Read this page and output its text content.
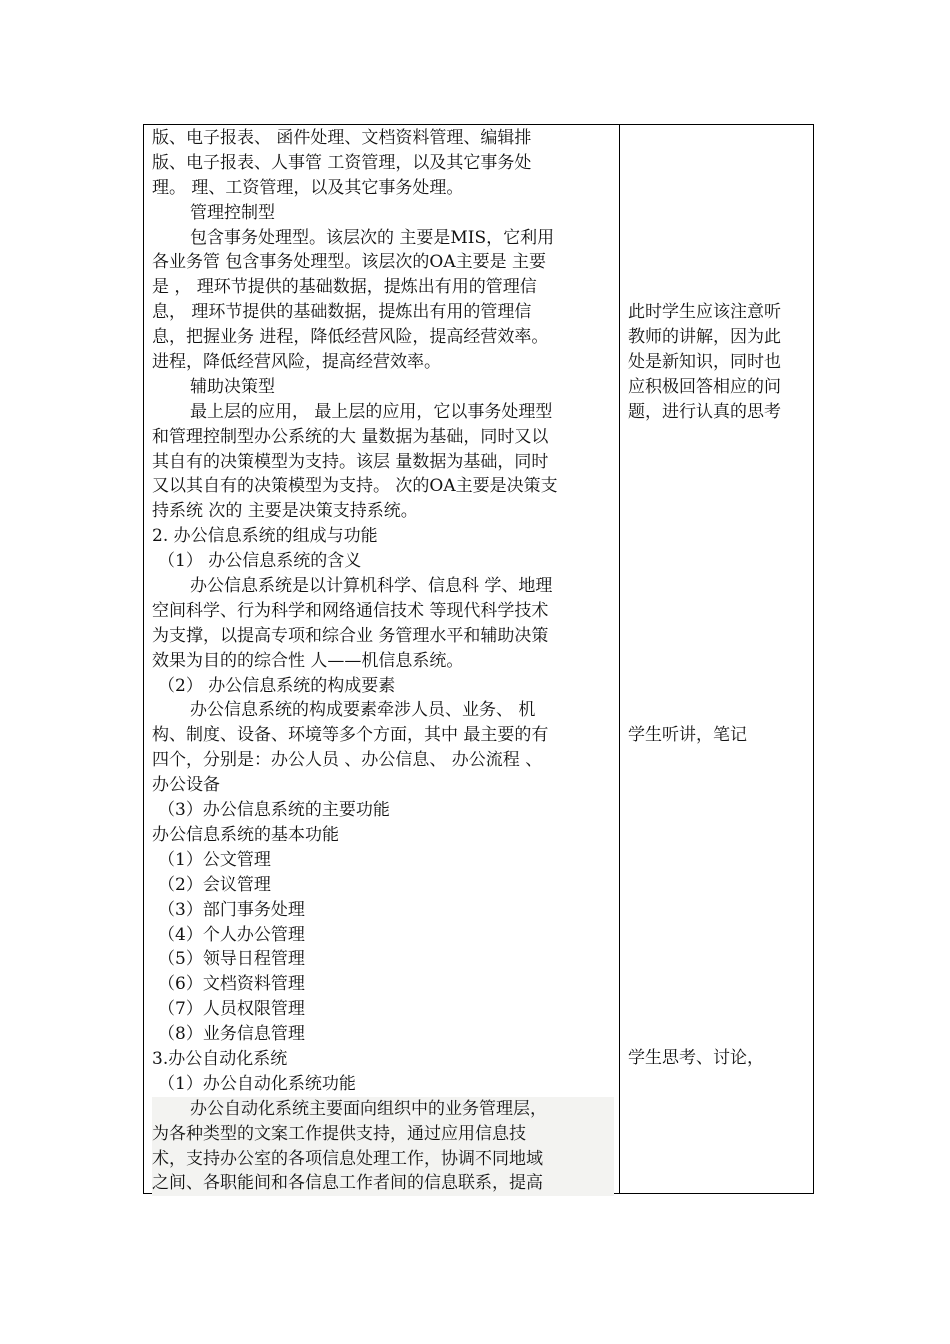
版、电子报表、 函件处理、文档资料管理、编辑排
版、电子报表、人事管 工资管理，以及其它事务处
理。 理、工资管理，以及其它事务处理。
管理控制型
包含事务处理型。该层次的 主要是MIS，它利用
各业务管 包含事务处理型。该层次的OA主要是 主要
是 ， 理环节提供的基础数据，提炼出有用的管理信
息， 理环节提供的基础数据，提炼出有用的管理信
息，把握业务 进程，降低经营风险，提高经营效率。
进程，降低经营风险，提高经营效率。
辅助决策型
最上层的应用， 最上层的应用，它以事务处理型
和管理控制型办公系统的大 量数据为基础，同时又以
其自有的决策模型为支持。该层 量数据为基础，同时
又以其自有的决策模型为支持。 次的OA主要是决策支
持系统 次的 主要是决策支持系统。
2. 办公信息系统的组成与功能
（1） 办公信息系统的含义
办公信息系统是以计算机科学、信息科 学、地理
空间科学、行为科学和网络通信技术 等现代科学技术
为支撑，以提高专项和综合业 务管理水平和辅助决策
效果为目的的综合性 人——机信息系统。
（2） 办公信息系统的构成要素
办公信息系统的构成要素牵涉人员、业务、 机
构、制度、设备、环境等多个方面，其中 最主要的有
四个，分别是：办公人员 、办公信息、 办公流程 、
办公设备
（3）办公信息系统的主要功能
办公信息系统的基本功能
（1）公文管理
（2）会议管理
（3）部门事务处理
（4）个人办公管理
（5）领导日程管理
（6）文档资料管理
（7）人员权限管理
（8）业务信息管理
3.办公自动化系统
（1）办公自动化系统功能
办公自动化系统主要面向组织中的业务管理层，
为各种类型的文案工作提供支持，通过应用信息技
术，支持办公室的各项信息处理工作，协调不同地域
之间、各职能间和各信息工作者间的信息联系，提高
此时学生应该注意听
教师的讲解，因为此
处是新知识，同时也
应积极回答相应的问
题，进行认真的思考
学生听讲，笔记
学生思考、讨论，
